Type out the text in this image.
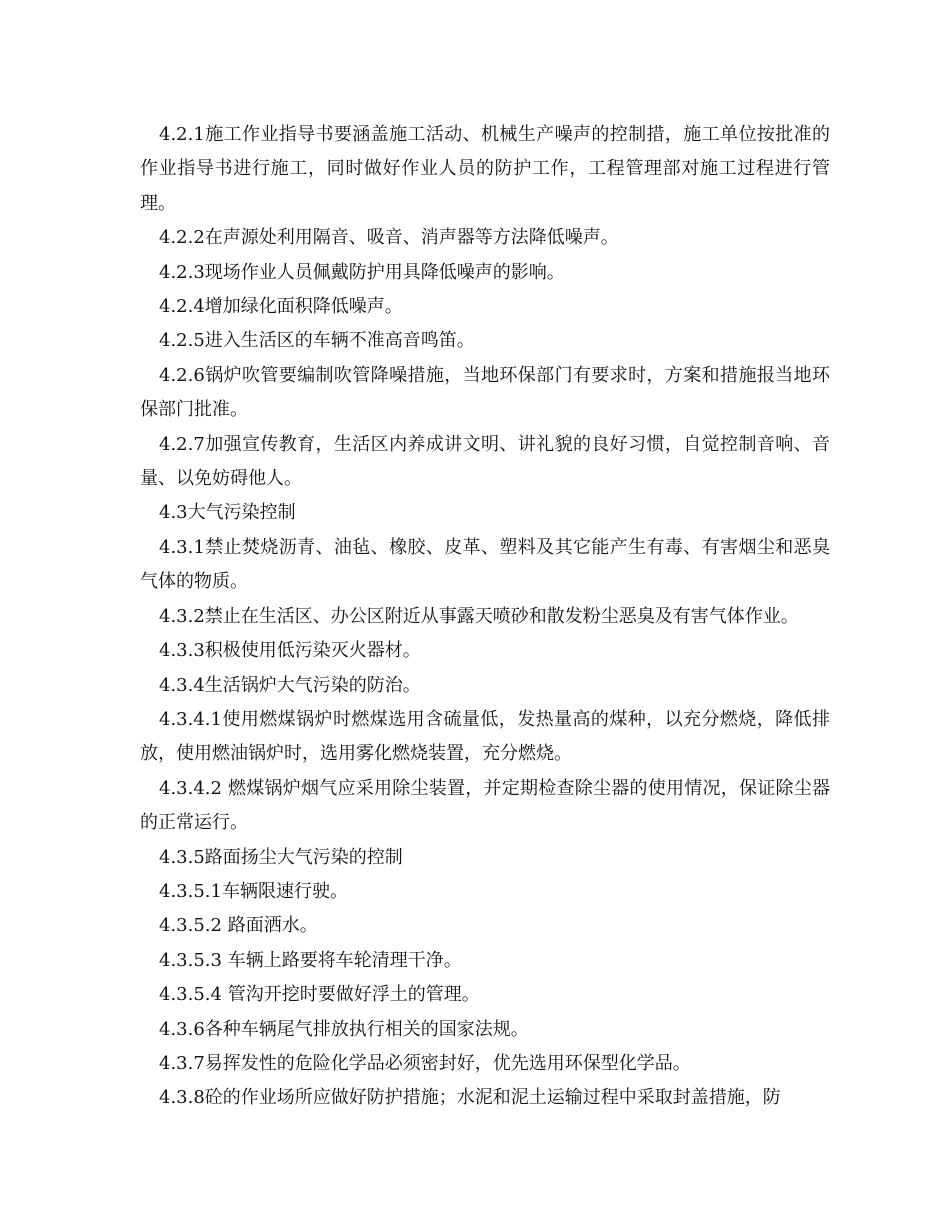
4.2.1施工作业指导书要涵盖施工活动、机械生产噪声的控制措，施工单位按批准的作业指导书进行施工，同时做好作业人员的防护工作，工程管理部对施工过程进行管理。

4.2.2在声源处利用隔音、吸音、消声器等方法降低噪声。

4.2.3现场作业人员佩戴防护用具降低噪声的影响。

4.2.4增加绿化面积降低噪声。

4.2.5进入生活区的车辆不准高音鸣笛。

4.2.6锅炉吹管要编制吹管降噪措施，当地环保部门有要求时，方案和措施报当地环保部门批准。

4.2.7加强宣传教育，生活区内养成讲文明、讲礼貌的良好习惯，自觉控制音响、音量、以免妨碍他人。

4.3大气污染控制

4.3.1禁止焚烧沥青、油毡、橡胶、皮革、塑料及其它能产生有毒、有害烟尘和恶臭气体的物质。

4.3.2禁止在生活区、办公区附近从事露天喷砂和散发粉尘恶臭及有害气体作业。

4.3.3积极使用低污染灭火器材。

4.3.4生活锅炉大气污染的防治。

4.3.4.1使用燃煤锅炉时燃煤选用含硫量低，发热量高的煤种，以充分燃烧，降低排放，使用燃油锅炉时，选用雾化燃烧装置，充分燃烧。

4.3.4.2 燃煤锅炉烟气应采用除尘装置，并定期检查除尘器的使用情况，保证除尘器的正常运行。

4.3.5路面扬尘大气污染的控制

4.3.5.1车辆限速行驶。

4.3.5.2 路面洒水。

4.3.5.3 车辆上路要将车轮清理干净。

4.3.5.4 管沟开挖时要做好浮土的管理。

4.3.6各种车辆尾气排放执行相关的国家法规。

4.3.7易挥发性的危险化学品必须密封好，优先选用环保型化学品。

4.3.8砼的作业场所应做好防护措施；水泥和泥土运输过程中采取封盖措施，防
